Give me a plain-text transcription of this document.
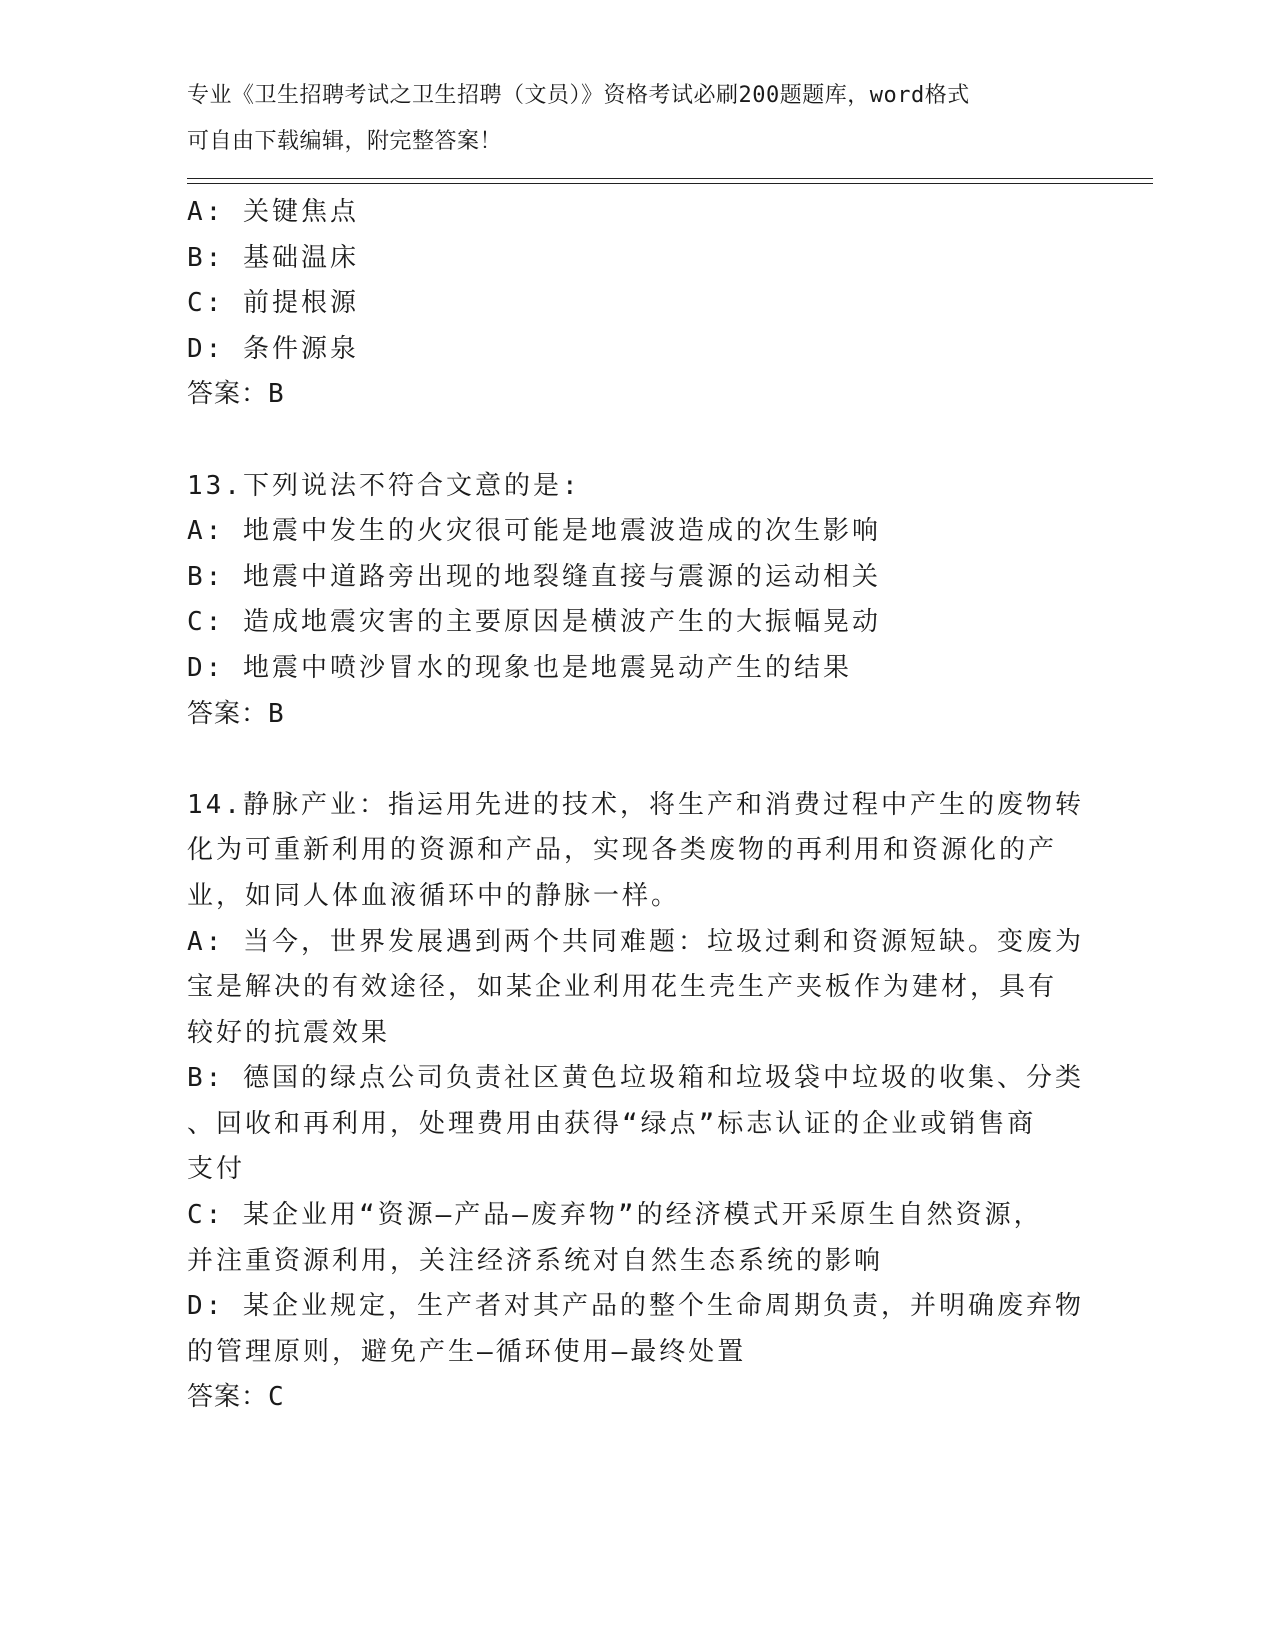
专业《卫生招聘考试之卫生招聘（文员）》资格考试必刷200题题库，word格式
可自由下载编辑，附完整答案！
A: 关键焦点
B: 基础温床
C: 前提根源
D: 条件源泉
答案：B
13.下列说法不符合文意的是:
A: 地震中发生的火灾很可能是地震波造成的次生影响
B: 地震中道路旁出现的地裂缝直接与震源的运动相关
C: 造成地震灾害的主要原因是横波产生的大振幅晃动
D: 地震中喷沙冒水的现象也是地震晃动产生的结果
答案：B
14.静脉产业：指运用先进的技术，将生产和消费过程中产生的废物转
化为可重新利用的资源和产品，实现各类废物的再利用和资源化的产
业，如同人体血液循环中的静脉一样。
A: 当今，世界发展遇到两个共同难题：垃圾过剩和资源短缺。变废为
宝是解决的有效途径，如某企业利用花生壳生产夹板作为建材，具有
较好的抗震效果
B: 德国的绿点公司负责社区黄色垃圾箱和垃圾袋中垃圾的收集、分类
、回收和再利用，处理费用由获得“绿点”标志认证的企业或销售商
支付
C: 某企业用“资源—产品—废弃物”的经济模式开采原生自然资源，
并注重资源利用，关注经济系统对自然生态系统的影响
D: 某企业规定，生产者对其产品的整个生命周期负责，并明确废弃物
的管理原则，避免产生—循环使用—最终处置
答案：C
